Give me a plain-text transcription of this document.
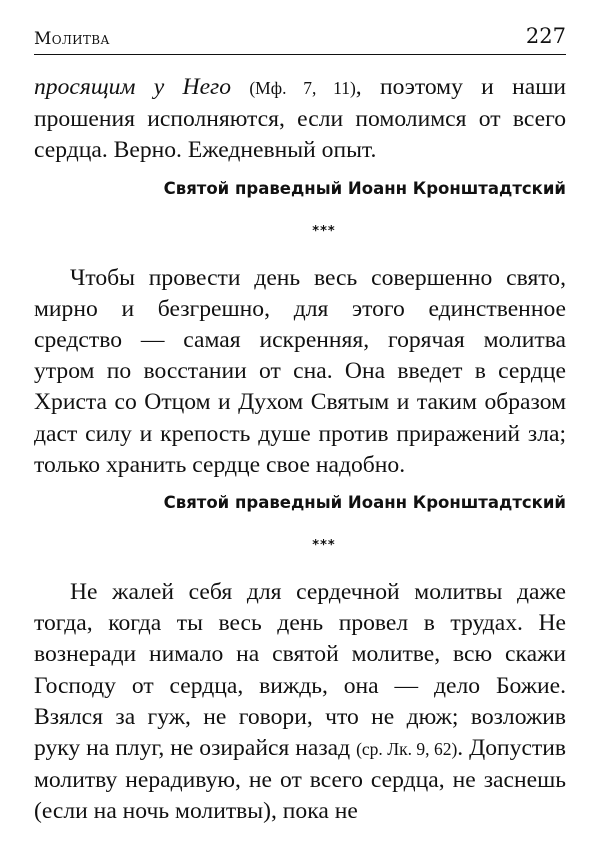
Молитва	227

просящим у Него (Мф. 7, 11), поэтому и наши прошения исполняются, если помолимся от всего сердца. Верно. Ежедневный опыт.

Святой праведный Иоанн Кронштадтский
***

Чтобы провести день весь совершенно свято, мирно и безгрешно, для этого единственное средство — самая искренняя, горячая молитва утром по восстании от сна. Она введет в сердце Христа со Отцом и Духом Святым и таким образом даст силу и крепость душе против приражений зла; только хранить сердце свое надобно.

Святой праведный Иоанн Кронштадтский
***

Не жалей себя для сердечной молитвы даже тогда, когда ты весь день провел в трудах. Не вознеради нимало на святой молитве, всю скажи Господу от сердца, виждь, она — дело Божие. Взялся за гуж, не говори, что не дюж; возложив руку на плуг, не озирайся назад (ср. Лк. 9, 62). Допустив молитву нерадивую, не от всего сердца, не заснешь (если на ночь молитвы), пока не
